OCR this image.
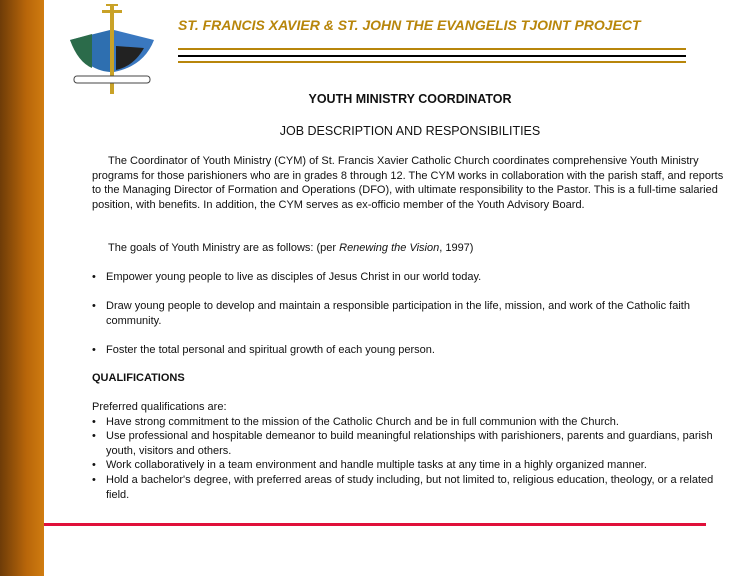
ST. FRANCIS XAVIER & ST. JOHN THE EVANGELIS TJOINT PROJECT
YOUTH MINISTRY COORDINATOR
JOB DESCRIPTION AND RESPONSIBILITIES
The Coordinator of Youth Ministry (CYM) of St. Francis Xavier Catholic Church coordinates comprehensive Youth Ministry programs for those parishioners who are in grades 8 through 12. The CYM works in collaboration with the parish staff, and reports to the Managing Director of Formation and Operations (DFO), with ultimate responsibility to the Pastor. This is a full-time salaried position, with benefits. In addition, the CYM serves as ex-officio member of the Youth Advisory Board.
The goals of Youth Ministry are as follows: (per Renewing the Vision, 1997)
• Empower young people to live as disciples of Jesus Christ in our world today.
• Draw young people to develop and maintain a responsible participation in the life, mission, and work of the Catholic faith community.
• Foster the total personal and spiritual growth of each young person.
QUALIFICATIONS
Preferred qualifications are:
• Have strong commitment to the mission of the Catholic Church and be in full communion with the Church.
• Use professional and hospitable demeanor to build meaningful relationships with parishioners, parents and guardians, parish youth, visitors and others.
• Work collaboratively in a team environment and handle multiple tasks at any time in a highly organized manner.
• Hold a bachelor's degree, with preferred areas of study including, but not limited to, religious education, theology, or a related field.
